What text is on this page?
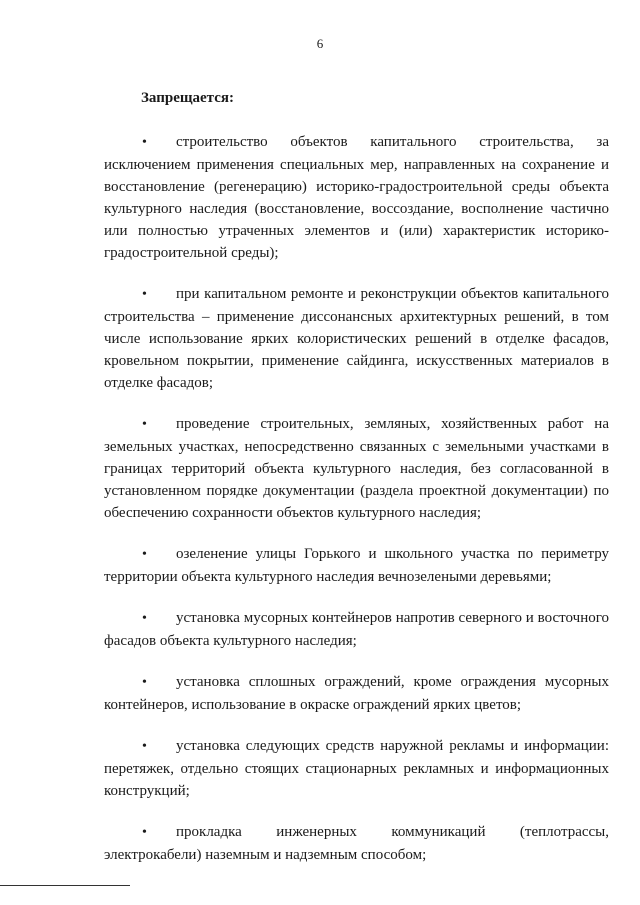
6
Запрещается:

• строительство объектов капитального строительства, за исключением применения специальных мер, направленных на сохранение и восстановление (регенерацию) историко-градостроительной среды объекта культурного наследия (восстановление, воссоздание, восполнение частично или полностью утраченных элементов и (или) характеристик историко-градостроительной среды);

• при капитальном ремонте и реконструкции объектов капитального строительства – применение диссонансных архитектурных решений, в том числе использование ярких колористических решений в отделке фасадов, кровельном покрытии, применение сайдинга, искусственных материалов в отделке фасадов;

• проведение строительных, земляных, хозяйственных работ на земельных участках, непосредственно связанных с земельными участками в границах территорий объекта культурного наследия, без согласованной в установленном порядке документации (раздела проектной документации) по обеспечению сохранности объектов культурного наследия;

• озеленение улицы Горького и школьного участка по периметру территории объекта культурного наследия вечнозелеными деревьями;

• установка мусорных контейнеров напротив северного и восточного фасадов объекта культурного наследия;

• установка сплошных ограждений, кроме ограждения мусорных контейнеров, использование в окраске ограждений ярких цветов;

• установка следующих средств наружной рекламы и информации: перетяжек, отдельно стоящих стационарных рекламных и информационных конструкций;

• прокладка инженерных коммуникаций (теплотрассы, электрокабели) наземным и надземным способом;
